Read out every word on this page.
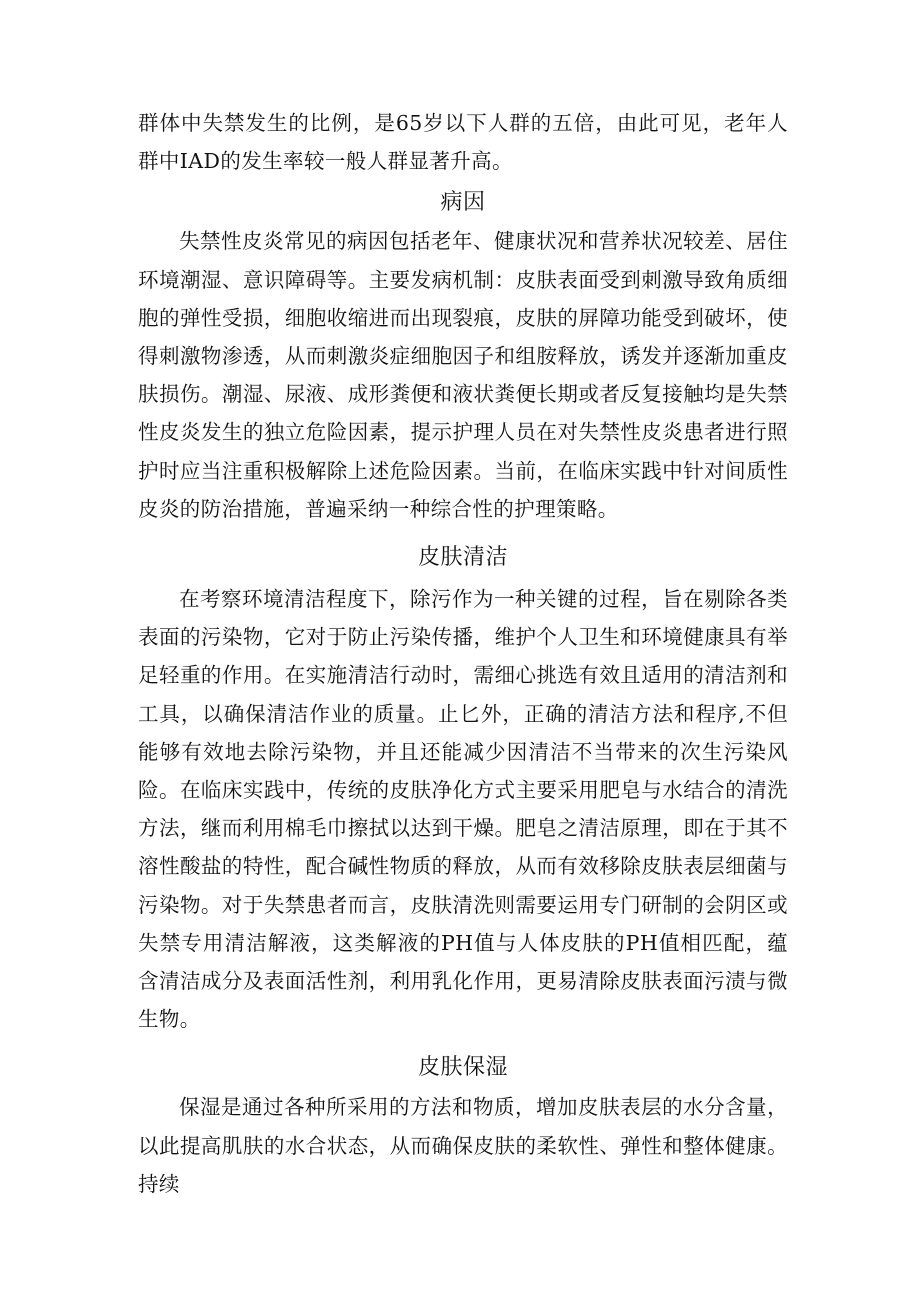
群体中失禁发生的比例，是65岁以下人群的五倍，由此可见，老年人群中IAD的发生率较一般人群显著升高。

病因

失禁性皮炎常见的病因包括老年、健康状况和营养状况较差、居住环境潮湿、意识障碍等。主要发病机制：皮肤表面受到刺激导致角质细胞的弹性受损，细胞收缩进而出现裂痕，皮肤的屏障功能受到破坏，使得刺激物渗透，从而刺激炎症细胞因子和组胺释放，诱发并逐渐加重皮肤损伤。潮湿、尿液、成形粪便和液状粪便长期或者反复接触均是失禁性皮炎发生的独立危险因素，提示护理人员在对失禁性皮炎患者进行照护时应当注重积极解除上述危险因素。当前，在临床实践中针对间质性皮炎的防治措施，普遍采纳一种综合性的护理策略。

皮肤清洁

在考察环境清洁程度下，除污作为一种关键的过程，旨在剔除各类表面的污染物，它对于防止污染传播，维护个人卫生和环境健康具有举足轻重的作用。在实施清洁行动时，需细心挑选有效且适用的清洁剂和工具，以确保清洁作业的质量。止匕外，正确的清洁方法和程序,不但能够有效地去除污染物，并且还能减少因清洁不当带来的次生污染风险。在临床实践中，传统的皮肤净化方式主要采用肥皂与水结合的清洗方法，继而利用棉毛巾擦拭以达到干燥。肥皂之清洁原理，即在于其不溶性酸盐的特性，配合碱性物质的释放，从而有效移除皮肤表层细菌与污染物。对于失禁患者而言，皮肤清洗则需要运用专门研制的会阴区或失禁专用清洁解液，这类解液的PH值与人体皮肤的PH值相匹配，蕴含清洁成分及表面活性剂，利用乳化作用，更易清除皮肤表面污渍与微生物。

皮肤保湿

保湿是通过各种所采用的方法和物质，增加皮肤表层的水分含量，以此提高肌肤的水合状态，从而确保皮肤的柔软性、弹性和整体健康。持续
